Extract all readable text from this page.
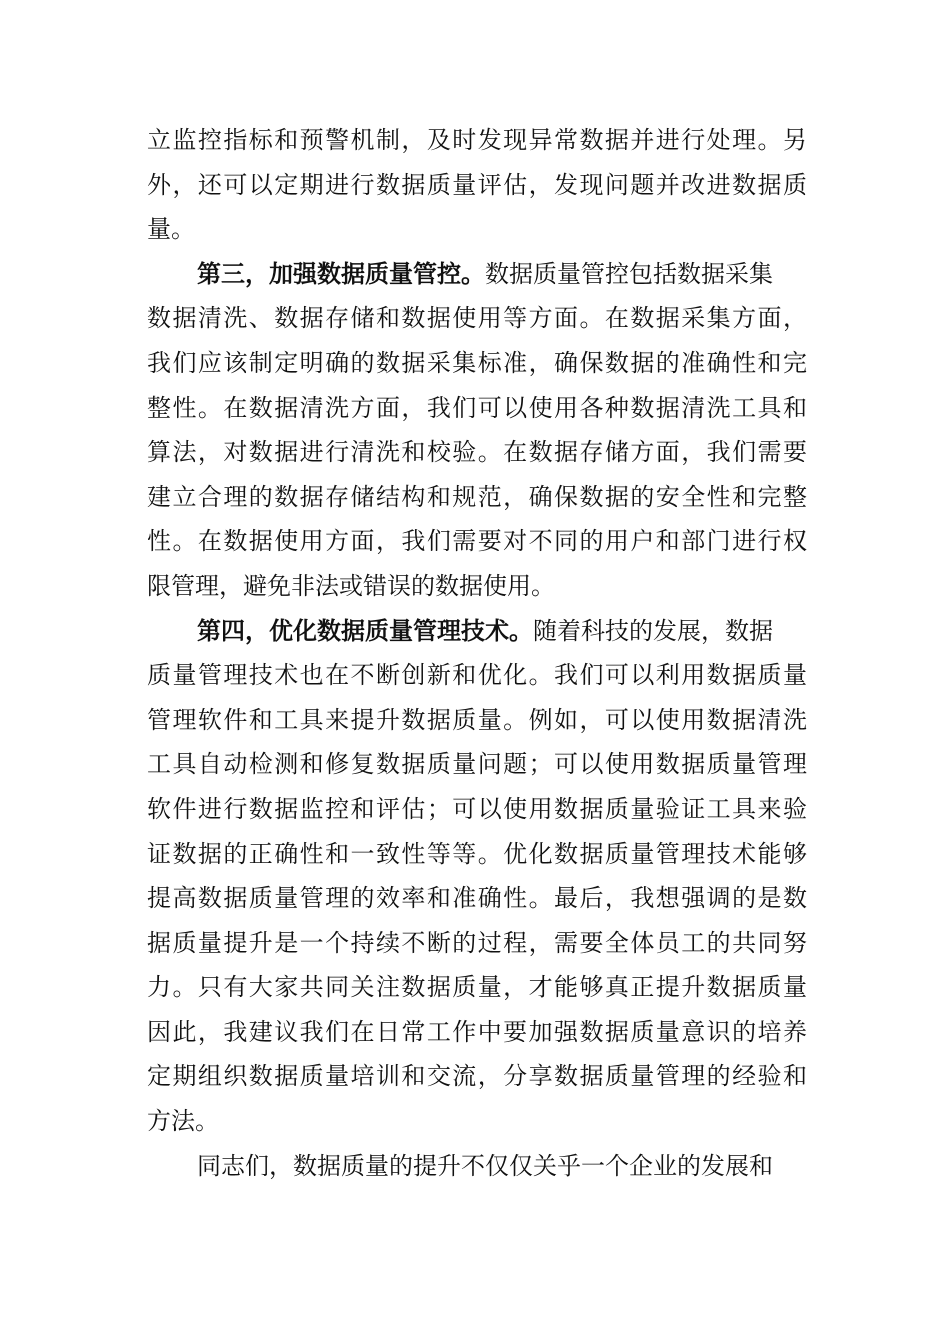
立监控指标和预警机制，及时发现异常数据并进行处理。另
外，还可以定期进行数据质量评估，发现问题并改进数据质
量。
第三，加强数据质量管控。数据质量管控包括数据采集
数据清洗、数据存储和数据使用等方面。在数据采集方面，
我们应该制定明确的数据采集标准，确保数据的准确性和完
整性。在数据清洗方面，我们可以使用各种数据清洗工具和
算法，对数据进行清洗和校验。在数据存储方面，我们需要
建立合理的数据存储结构和规范，确保数据的安全性和完整
性。在数据使用方面，我们需要对不同的用户和部门进行权
限管理，避免非法或错误的数据使用。
第四，优化数据质量管理技术。随着科技的发展，数据
质量管理技术也在不断创新和优化。我们可以利用数据质量
管理软件和工具来提升数据质量。例如，可以使用数据清洗
工具自动检测和修复数据质量问题；可以使用数据质量管理
软件进行数据监控和评估；可以使用数据质量验证工具来验
证数据的正确性和一致性等等。优化数据质量管理技术能够
提高数据质量管理的效率和准确性。最后，我想强调的是数
据质量提升是一个持续不断的过程，需要全体员工的共同努
力。只有大家共同关注数据质量，才能够真正提升数据质量
因此，我建议我们在日常工作中要加强数据质量意识的培养
定期组织数据质量培训和交流，分享数据质量管理的经验和
方法。
同志们，数据质量的提升不仅仅关乎一个企业的发展和
